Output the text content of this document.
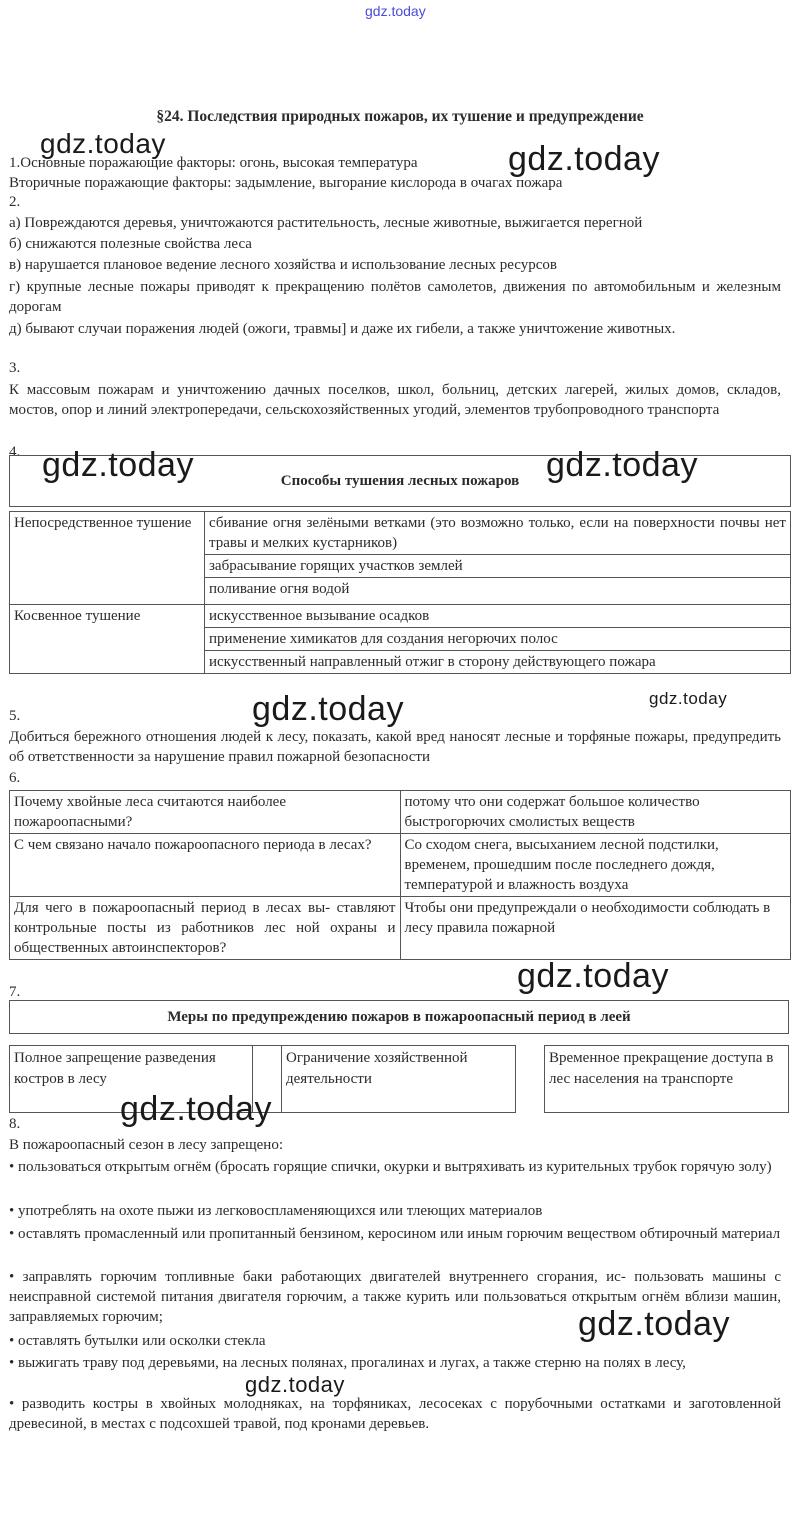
gdz.today
§24. Последствия природных пожаров, их тушение и предупреждение
1.Основные поражающие факторы: огонь, высокая температура
Вторичные поражающие факторы: задымление, выгорание кислорода в очагах пожара
2.
а) Повреждаются деревья, уничтожаются растительность, лесные животные, выжигается перегной
б) снижаются полезные свойства леса
в) нарушается плановое ведение лесного хозяйства и использование лесных ресурсов
г) крупные лесные пожары приводят к прекращению полётов самолетов, движения по автомобильным и железным дорогам
д) бывают случаи поражения людей (ожоги, травмы] и даже их гибели, а также уничтожение животных.
3.
К массовым пожарам и уничтожению дачных поселков, школ, больниц, детских лагерей, жилых домов, складов, мостов, опор и линий электропередачи, сельскохозяйственных угодий, элементов трубопроводного транспорта
4.
Способы тушения лесных пожаров
Непосредственное тушение	сбивание огня зелёными ветками (это возможно только, если на поверхности почвы нет травы и мелких кустарников)
	забрасывание горящих участков землей
	поливание огня водой
Косвенное тушение	искусственное вызывание осадков
	применение химикатов для создания негорючих полос
	искусственный направленный отжиг в сторону действующего пожара
5.
Добиться бережного отношения людей к лесу, показать, какой вред наносят лесные и торфяные пожары, предупредить об ответственности за нарушение правил пожарной безопасности
6.
Почему хвойные леса считаются наиболее пожароопасными?	потому что они содержат большое количество быстрогорючих смолистых веществ
С чем связано начало пожароопасного периода в лесах?	Со сходом снега, высыханием лесной подстилки, временем, прошедшим после последнего дождя, температурой и влажность воздуха
Для чего в пожароопасный период в лесах вы- ставляют контрольные посты из работников лес ной охраны и общественных автоинспекторов?	Чтобы они предупреждали о необходимости соблюдать в лесу правила пожарной
7.
Меры по предупреждению пожаров в пожароопасный период в леей
Полное запрещение разведения костров в лесу
Ограничение хозяйственной деятельности
Временное прекращение доступа в лес населения на транспорте
8.
В пожароопасный сезон в лесу запрещено:
• пользоваться открытым огнём (бросать горящие спички, окурки и вытряхивать из курительных трубок горячую золу)
• употреблять на охоте пыжи из легковоспламеняющихся или тлеющих материалов
• оставлять промасленный или пропитанный бензином, керосином или иным горючим веществом обтирочный материал
• заправлять горючим топливные баки работающих двигателей внутреннего сгорания, ис- пользовать машины с неисправной системой питания двигателя горючим, а также курить или пользоваться открытым огнём вблизи машин, заправляемых горючим;
• оставлять бутылки или осколки стекла
• выжигать траву под деревьями, на лесных полянах, прогалинах и лугах, а также стерню на полях в лесу,
• разводить костры в хвойных молодняках, на торфяниках, лесосеках с порубочными остатками и заготовленной древесиной, в местах с подсохшей травой, под кронами деревьев.
gdz.today	gdz.today
gdz.today	gdz.today
gdz.today	gdz.today
gdz.today
gdz.today
gdz.today
gdz.today
